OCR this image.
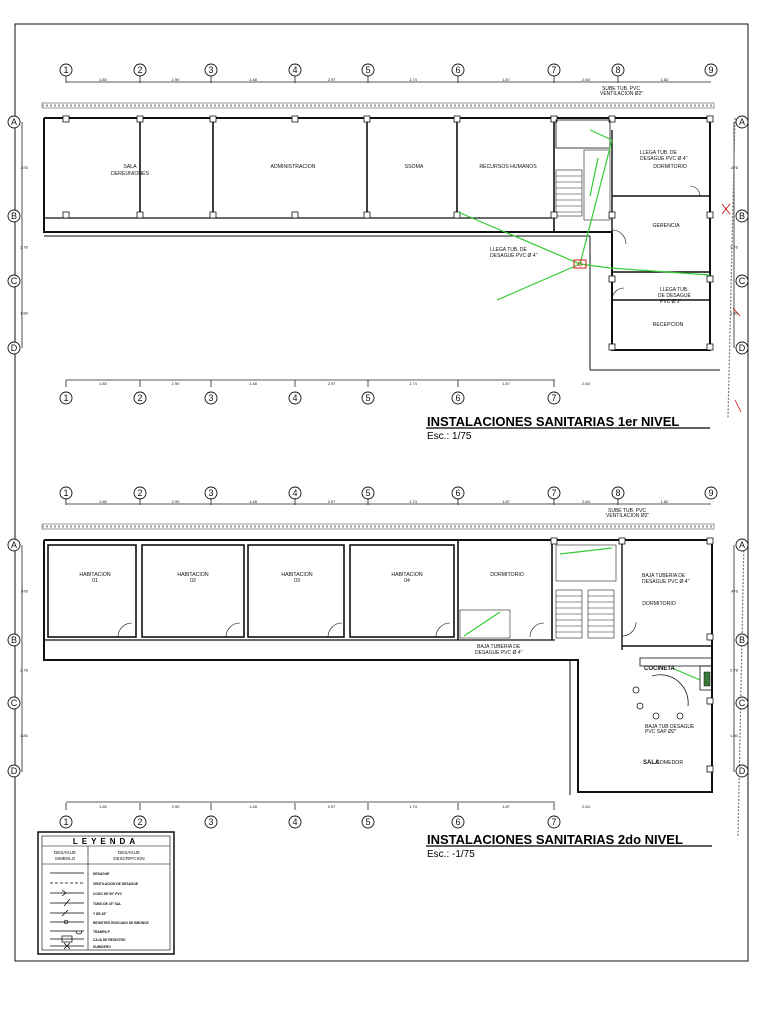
SALA
DEREUNIONES
ADMINISTRACION	SSOMA	RECURSOS HUMANOS	DORMITORIO
GERENCIA
RECEPCION
SUBE TUB. PVC
VENTILACION Ø2"
LLEGA TUB. DE
DESAGUE PVC Ø 4"
LLEGA TUB. DE
DESAGUE PVC Ø 4"
LLEGA TUB.
DE DESAGUE
PVC Ø 2"
INSTALACIONES SANITARIAS 1er NIVEL
Esc.: 1/75
HABITACION
01
HABITACION
02
HABITACION
03
HABITACION
04
DORMITORIO
DORMITORIO
COCINETA
SALA
COMEDOR
SUBE TUB. PVC
VENTILACION Ø2"
BAJA TUBERIA DE
DESAGUE PVC Ø 4"
BAJA TUBERIA DE
DESAGUE PVC Ø 4"
BAJA TUB DESAGUE
PVC SAP Ø2"
INSTALACIONES SANITARIAS 2do NIVEL
Esc.: -1/75
LEYENDA
DESAGUE
SIMBOLO
DESAGUE
DESCRIPCION
DESAGUE
VENTILACION DE DESAGUE
CODO DE 90° PVC
TUBO DE 45° SAL
Y DE 45°
REGISTRO ROSCADO DE BRONCE
TRAMPA P
CAJA DE REGISTRO
SUMIDERO
1	2	3	4	5	6	7	8	9
1.80	2.90	1.48	2.97	1.74	1.87	2.64	1.82
1	2	3	4	5	6	7
1.80	2.90	1.48	2.97	1.74	1.87	2.64
A	A
B	B
C	C
D	D
.476	.476
2.76	2.76
1.80	1.80
1	2	3	4	5	6	7	8	9
1.80	2.90	1.48	2.97	1.74	1.87	2.64	1.82
1	2	3	4	5	6	7
1.80	2.90	1.48	2.97	1.74	1.87	2.64
A	A
B	B
C	C
D	D
.476	.476
2.76	2.76
1.80	1.80
